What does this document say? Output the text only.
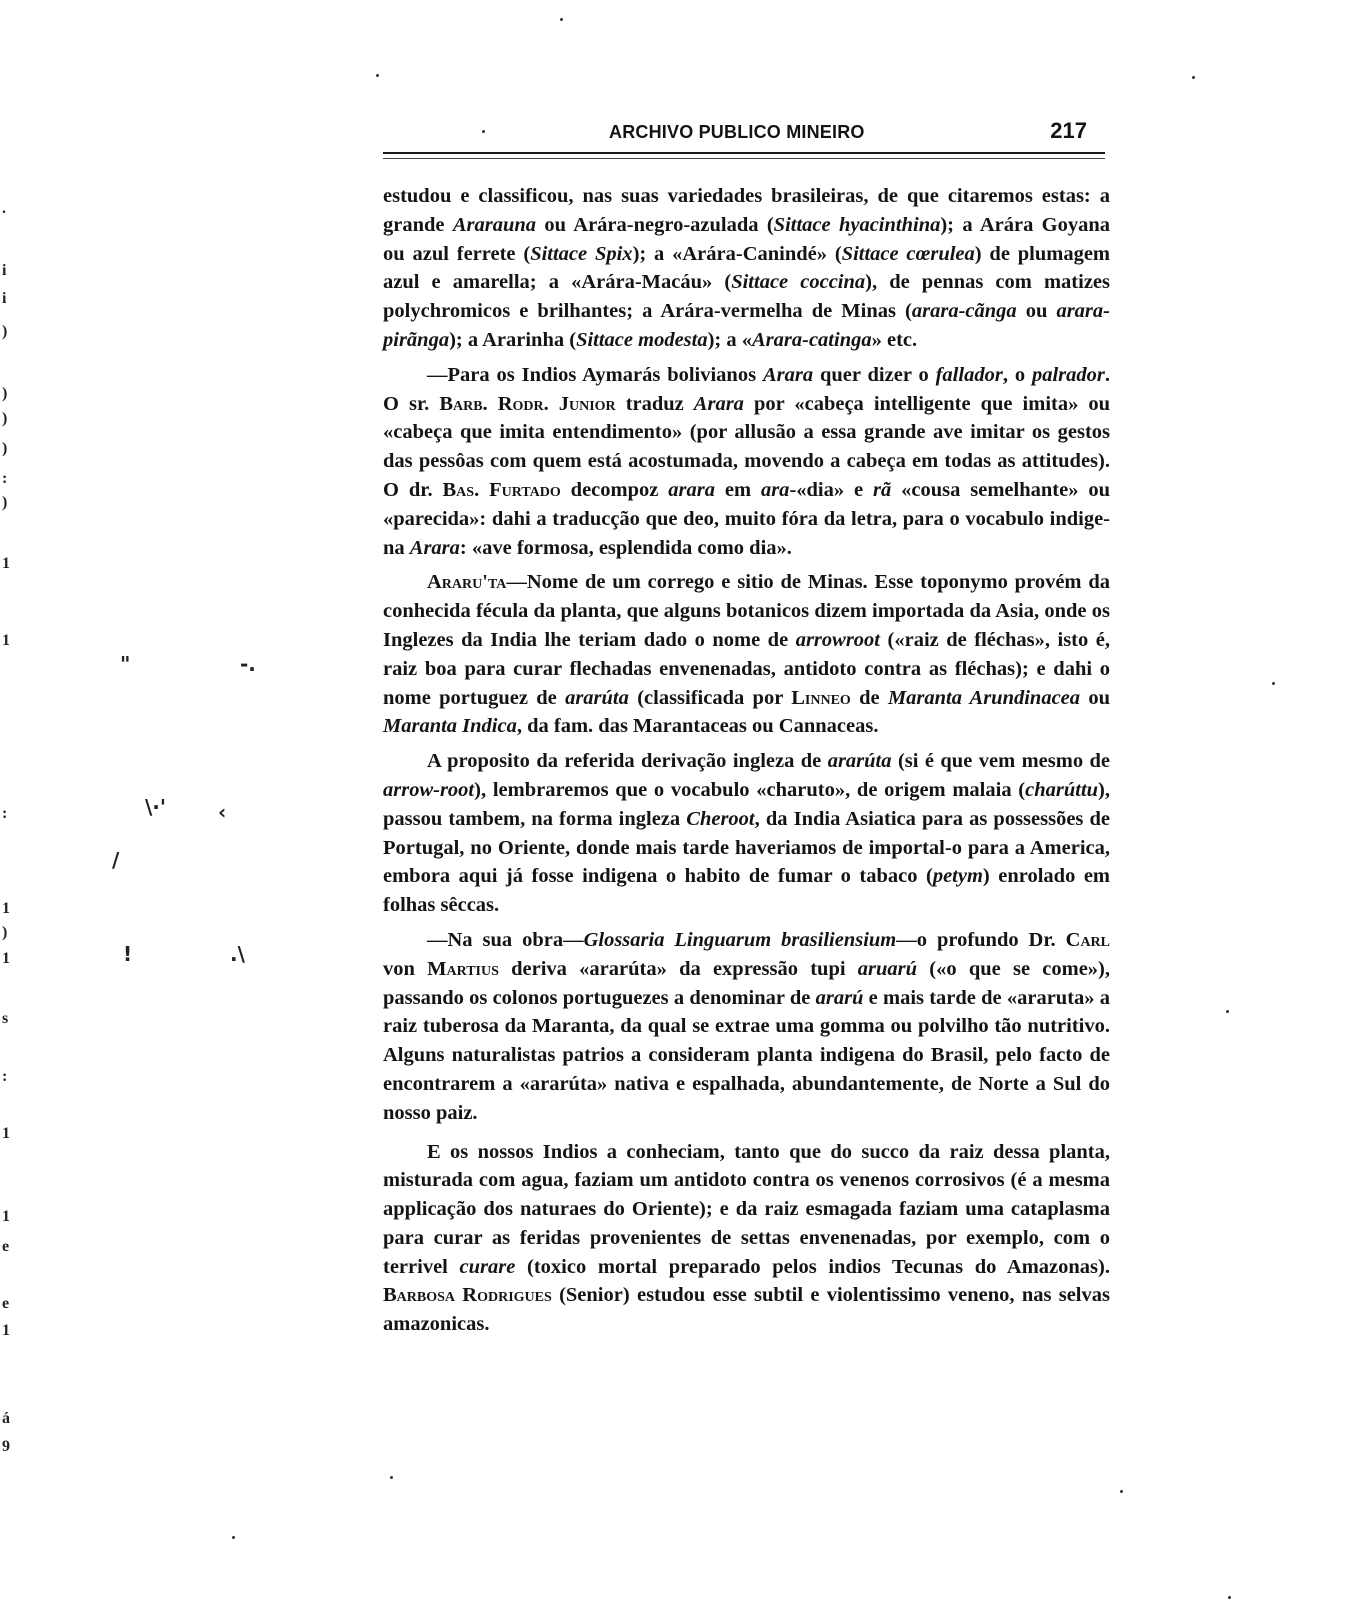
.
i
i
)
)
)
)
:
)
1
1
:
1
)
1
s
:
1
1
e
e
1
á
9
"	-.
\·'	‹
/
!	.\
ARCHIVO PUBLICO MINEIRO	217

estudou e classificou, nas suas variedades brasileiras, de que citaremos estas: a grande Ararauna ou Arára-negro-azulada (Sittace hyacinthina); a Arára Goyana ou azul ferrete (Sittace Spix); a «Arára-Canindé» (Sittace cœrulea) de plumagem azul e amarella; a «Arára-Macáu» (Sittace coccina), de pennas com matizes polychromicos e brilhantes; a Arára-vermelha de Minas (arara-cãnga ou arara-pirãnga); a Ararinha (Sittace modesta); a «Arara-catinga» etc.

—Para os Indios Aymarás bolivianos Arara quer dizer o fallador, o palrador. O sr. Barb. Rodr. Junior traduz Arara por «cabeça intelligente que imita» ou «cabeça que imita entendimento» (por allusão a essa grande ave imitar os gestos das pessôas com quem está acostumada, movendo a cabeça em todas as attitudes). O dr. Bas. Furtado decompoz arara em ara-«dia» e rã «cousa semelhante» ou «parecida»: dahi a traducção que deo, muito fóra da letra, para o vocabulo indigena Arara: «ave formosa, esplendida como dia».

Araru'ta—Nome de um corrego e sitio de Minas. Esse toponymo provém da conhecida fécula da planta, que alguns botanicos dizem importada da Asia, onde os Inglezes da India lhe teriam dado o nome de arrowroot («raiz de fléchas», isto é, raiz boa para curar flechadas envenenadas, antidoto contra as fléchas); e dahi o nome portuguez de ararúta (classificada por Linneo de Maranta Arundinacea ou Maranta Indica, da fam. das Marantaceas ou Cannaceas.

A proposito da referida derivação ingleza de ararúta (si é que vem mesmo de arrow-root), lembraremos que o vocabulo «charuto», de origem malaia (charúttu), passou tambem, na forma ingleza Cheroot, da India Asiatica para as possessões de Portugal, no Oriente, donde mais tarde haveriamos de importal-o para a America, embora aqui já fosse indigena o habito de fumar o tabaco (petym) enrolado em folhas sêccas.

—Na sua obra—Glossaria Linguarum brasiliensium—o profundo Dr. Carl von Martius deriva «ararúta» da expressão tupi aruarú («o que se come»), passando os colonos portuguezes a denominar de ararú e mais tarde de «araruta» a raiz tuberosa da Maranta, da qual se extrae uma gomma ou polvilho tão nutritivo. Alguns naturalistas patrios a consideram planta indigena do Brasil, pelo facto de encontrarem a «ararúta» nativa e espalhada, abundantemente, de Norte a Sul do nosso paiz.

E os nossos Indios a conheciam, tanto que do succo da raiz dessa planta, misturada com agua, faziam um antidoto contra os venenos corrosivos (é a mesma applicação dos naturaes do Oriente); e da raiz esmagada faziam uma cataplasma para curar as feridas provenientes de settas envenenadas, por exemplo, com o terrivel curare (toxico mortal preparado pelos indios Tecunas do Amazonas). Barbosa Rodrigues (Senior) estudou esse subtil e violentissimo veneno, nas selvas amazonicas.
